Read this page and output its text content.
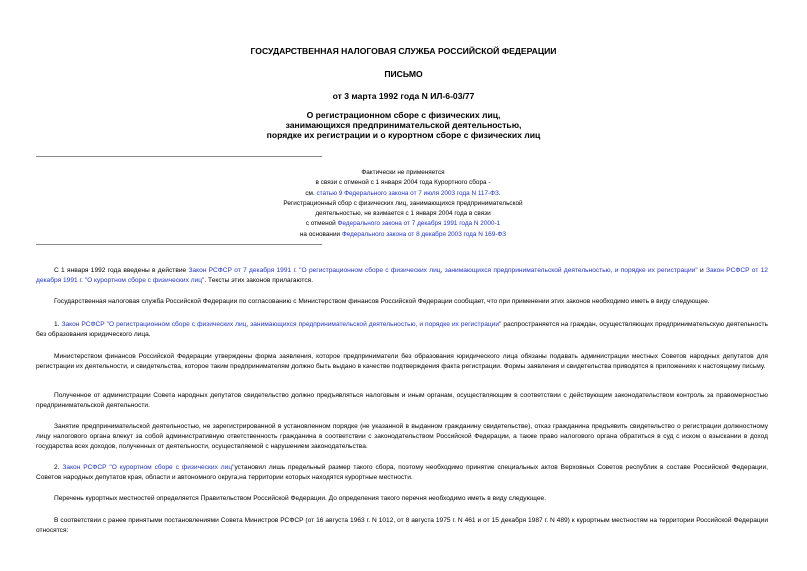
ГОСУДАРСТВЕННАЯ НАЛОГОВАЯ СЛУЖБА РОССИЙСКОЙ ФЕДЕРАЦИИ
ПИСЬМО
от 3 марта 1992 года N ИЛ-6-03/77
О регистрационном сборе с физических лиц,
занимающихся предпринимательской деятельностью,
порядке их регистрации и о курортном сборе с физических лиц
Фактически не применяется
в связи с отменой с 1 января 2004 года Курортного сбора -
см. статью 9 Федерального закона от 7 июля 2003 года N 117-ФЗ.
Регистрационный сбор с физических лиц, занимающихся предпринимательской
деятельностью, не взимается с 1 января 2004 года в связи
с отменой Федерального закона от 7 декабря 1991 года N 2000-1
на основании Федерального закона от 8 декабря 2003 года N 169-ФЗ
С 1 января 1992 года введены в действие Закон РСФСР от 7 декабря 1991 г. "О регистрационном сборе с физических лиц, занимающихся предпринимательской деятельностью, и порядке их регистрации" и Закон РСФСР от 12 декабря 1991 г. "О курортном сборе с физических лиц". Тексты этих законов прилагаются.
Государственная налоговая служба Российской Федерации по согласованию с Министерством финансов Российской Федерации сообщает, что при применении этих законов необходимо иметь в виду следующее.
1. Закон РСФСР "О регистрационном сборе с физических лиц, занимающихся предпринимательской деятельностью, и порядке их регистрации" распространяется на граждан, осуществляющих предпринимательскую деятельность без образования юридического лица.
Министерством финансов Российской Федерации утверждены форма заявления, которое предприниматели без образования юридического лица обязаны подавать администрации местных Советов народных депутатов для регистрации их деятельности, и свидетельства, которое таким предпринимателям должно быть выдано в качестве подтверждения факта регистрации. Формы заявления и свидетельства приводятся в приложениях к настоящему письму.
Полученное от администрации Совета народных депутатов свидетельство должно предъявляться налоговым и иным органам, осуществляющим в соответствии с действующим законодательством контроль за правомерностью предпринимательской деятельности.
Занятие предпринимательской деятельностью, не зарегистрированной в установленном порядке (не указанной в выданном гражданину свидетельстве), отказ гражданина предъявить свидетельство о регистрации должностному лицу налогового органа влекут за собой административную ответственность гражданина в соответствии с законодательством Российской Федерации, а также право налогового органа обратиться в суд с иском о взыскании в доход государства всех доходов, полученных от деятельности, осуществляемой с нарушением законодательства.
2. Закон РСФСР "О курортном сборе с физических лиц"установил лишь предельный размер такого сбора, поэтому необходимо принятие специальных актов Верховных Советов республик в составе Российской Федерации, Советов народных депутатов края, области и автономного округа,на территории которых находятся курортные местности.
Перечень курортных местностей определяется Правительством Российской Федерации. До определения такого перечня необходимо иметь в виду следующее.
В соответствии с ранее принятыми постановлениями Совета Министров РСФСР (от 16 августа 1963 г. N 1012, от 8 августа 1975 г. N 461 и от 15 декабря 1987 г. N 489) к курортным местностям на территории Российской Федерации относятся:
